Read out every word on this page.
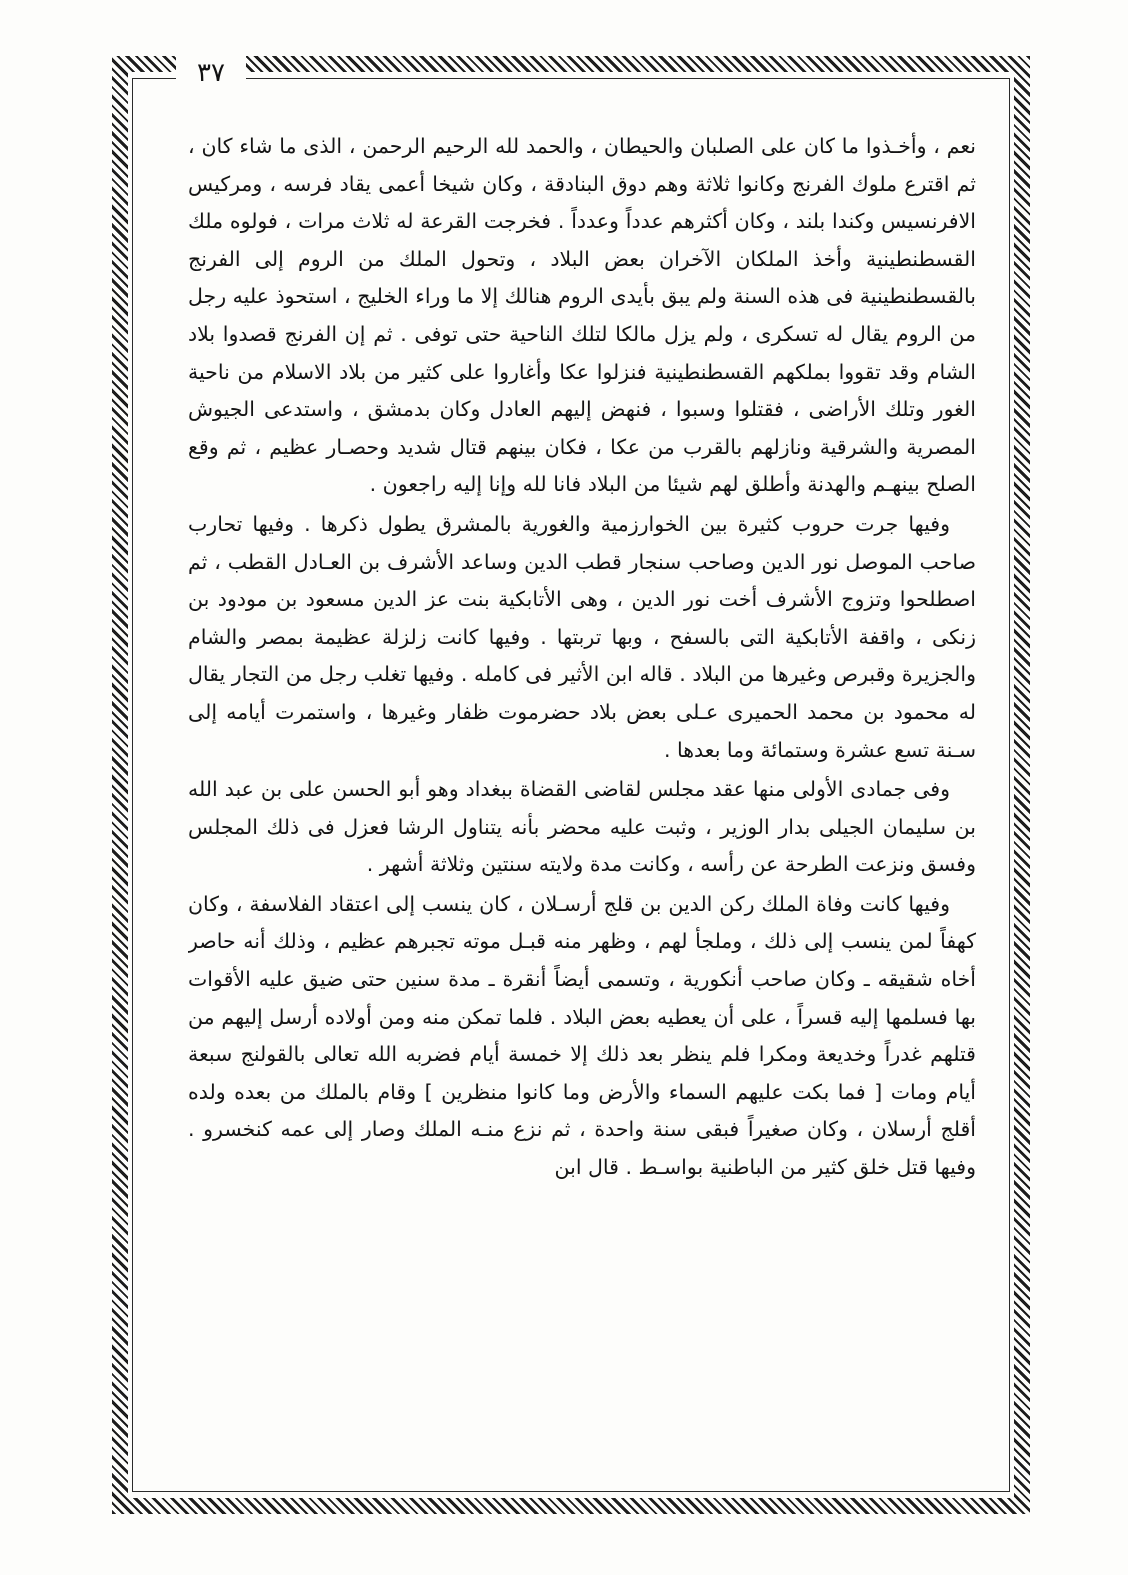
٣٧

نعم ، وأخـذوا ما كان على الصلبان والحيطان ، والحمد لله الرحيم الرحمن ، الذى ما شاء كان ، ثم اقترع ملوك الفرنج وكانوا ثلاثة وهم دوق البنادقة ، وكان شيخا أعمى يقاد فرسه ، ومركيس الافرنسيس وكندا بلند ، وكان أكثرهم عدداً وعدداً . فخرجت القرعة له ثلاث مرات ، فولوه ملك القسطنطينية وأخذ الملكان الآخران بعض البلاد ، وتحول الملك من الروم إلى الفرنج بالقسطنطينية فى هذه السنة ولم يبق بأيدى الروم هنالك إلا ما وراء الخليج ، استحوذ عليه رجل من الروم يقال له تسكرى ، ولم يزل مالكا لتلك الناحية حتى توفى . ثم إن الفرنج قصدوا بلاد الشام وقد تقووا بملكهم القسطنطينية فنزلوا عكا وأغاروا على كثير من بلاد الاسلام من ناحية الغور وتلك الأراضى ، فقتلوا وسبوا ، فنهض إليهم العادل وكان بدمشق ، واستدعى الجيوش المصرية والشرقية ونازلهم بالقرب من عكا ، فكان بينهم قتال شديد وحصـار عظيم ، ثم وقع الصلح بينهـم والهدنة وأطلق لهم شيئا من البلاد فانا لله وإنا إليه راجعون .

وفيها جرت حروب كثيرة بين الخوارزمية والغورية بالمشرق يطول ذكرها . وفيها تحارب صاحب الموصل نور الدين وصاحب سنجار قطب الدين وساعد الأشرف بن العـادل القطب ، ثم اصطلحوا وتزوج الأشرف أخت نور الدين ، وهى الأتابكية بنت عز الدين مسعود بن مودود بن زنكى ، واقفة الأتابكية التى بالسفح ، وبها تربتها . وفيها كانت زلزلة عظيمة بمصر والشام والجزيرة وقبرص وغيرها من البلاد . قاله ابن الأثير فى كامله . وفيها تغلب رجل من التجار يقال له محمود بن محمد الحميرى عـلى بعض بلاد حضرموت ظفار وغيرها ، واستمرت أيامه إلى سـنة تسع عشرة وستمائة وما بعدها .

وفى جمادى الأولى منها عقد مجلس لقاضى القضاة ببغداد وهو أبو الحسن على بن عبد الله بن سليمان الجيلى بدار الوزير ، وثبت عليه محضر بأنه يتناول الرشا فعزل فى ذلك المجلس وفسق ونزعت الطرحة عن رأسه ، وكانت مدة ولايته سنتين وثلاثة أشهر .

وفيها كانت وفاة الملك ركن الدين بن قلج أرسـلان ، كان ينسب إلى اعتقاد الفلاسفة ، وكان كهفاً لمن ينسب إلى ذلك ، وملجأ لهم ، وظهر منه قبـل موته تجبرهم عظيم ، وذلك أنه حاصر أخاه شقيقه ـ وكان صاحب أنكورية ، وتسمى أيضاً أنقرة ـ مدة سنين حتى ضيق عليه الأقوات بها فسلمها إليه قسراً ، على أن يعطيه بعض البلاد . فلما تمكن منه ومن أولاده أرسل إليهم من قتلهم غدراً وخديعة ومكرا فلم ينظر بعد ذلك إلا خمسة أيام فضربه الله تعالى بالقولنج سبعة أيام ومات [ فما بكت عليهم السماء والأرض وما كانوا منظرين ] وقام بالملك من بعده ولده أقلج أرسلان ، وكان صغيراً فبقى سنة واحدة ، ثم نزع منـه الملك وصار إلى عمه كنخسرو . وفيها قتل خلق كثير من الباطنية بواسـط . قال ابن
